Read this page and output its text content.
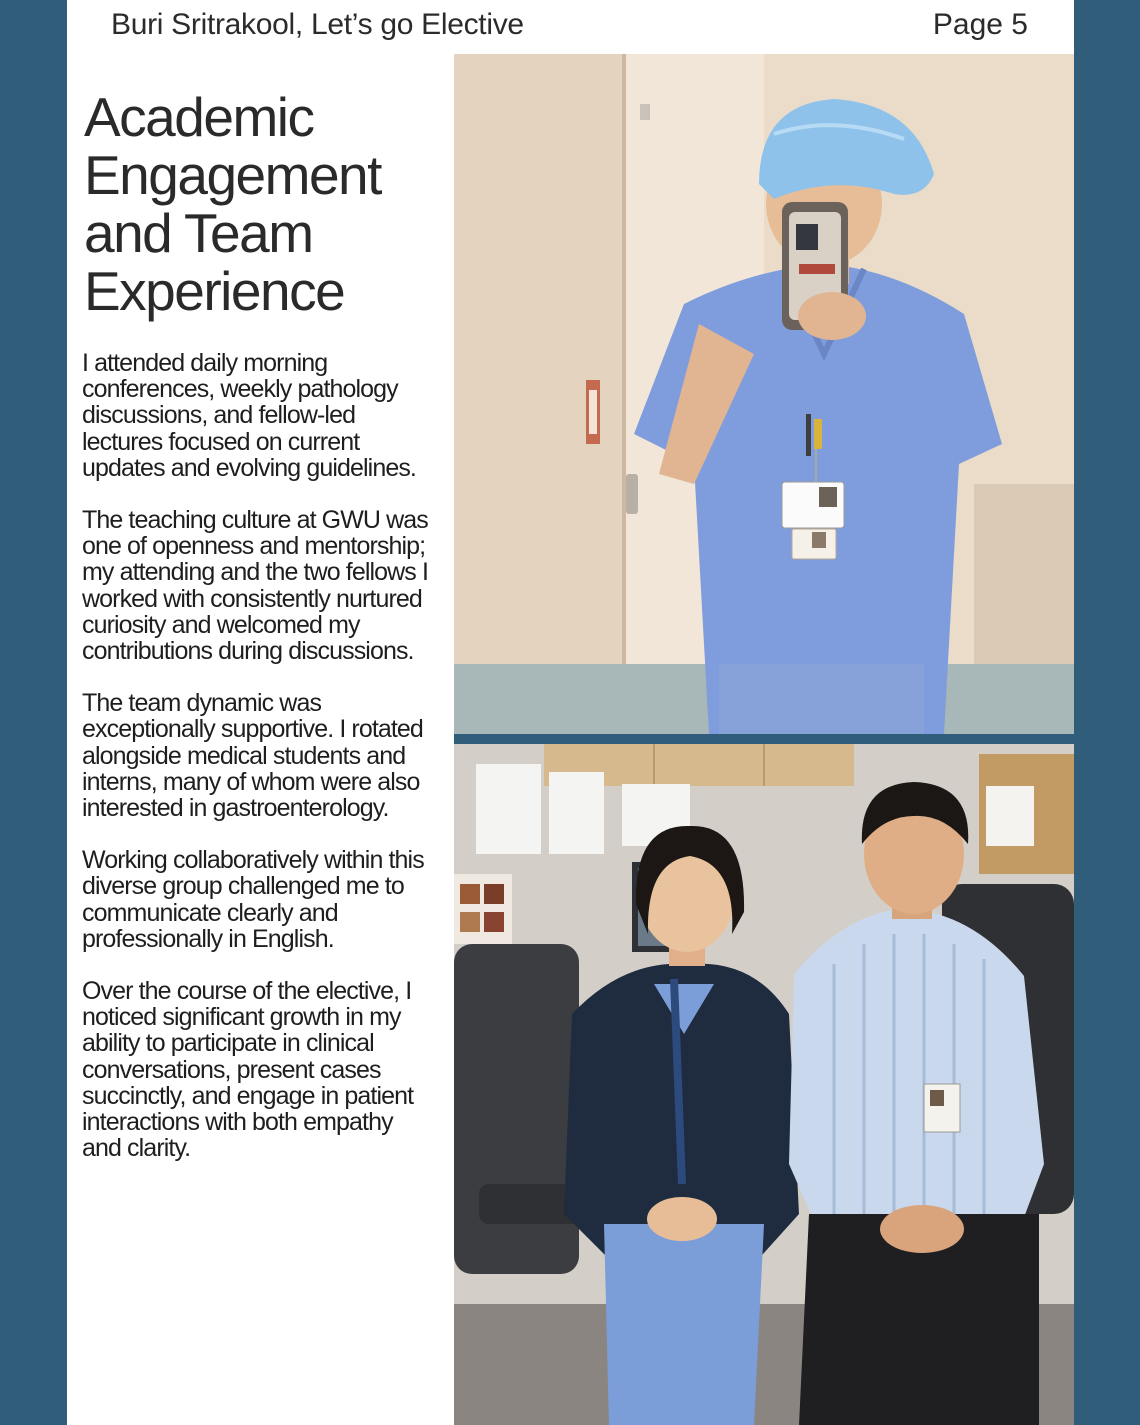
Buri Sritrakool, Let’s go Elective	Page 5
Academic Engagement and Team Experience

I attended daily morning conferences, weekly pathology discussions, and fellow-led lectures focused on current updates and evolving guidelines.

The teaching culture at GWU was one of openness and mentorship; my attending and the two fellows I worked with consistently nurtured curiosity and welcomed my contributions during discussions.

The team dynamic was exceptionally supportive. I rotated alongside medical students and interns, many of whom were also interested in gastroenterology.

Working collaboratively within this diverse group challenged me to communicate clearly and professionally in English.

Over the course of the elective, I noticed significant growth in my ability to participate in clinical conversations, present cases succinctly, and engage in patient interactions with both empathy and clarity.
